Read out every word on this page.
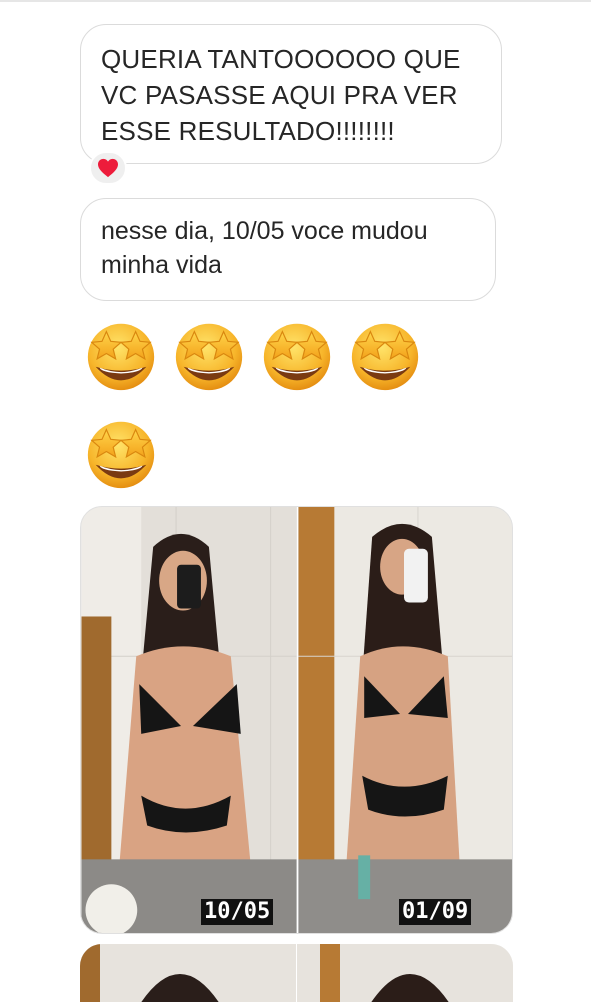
QUERIA TANTOOOOOO QUE VC PASASSE AQUI PRA VER ESSE RESULTADO!!!!!!!!
nesse dia, 10/05 voce mudou minha vida
10/05	01/09
